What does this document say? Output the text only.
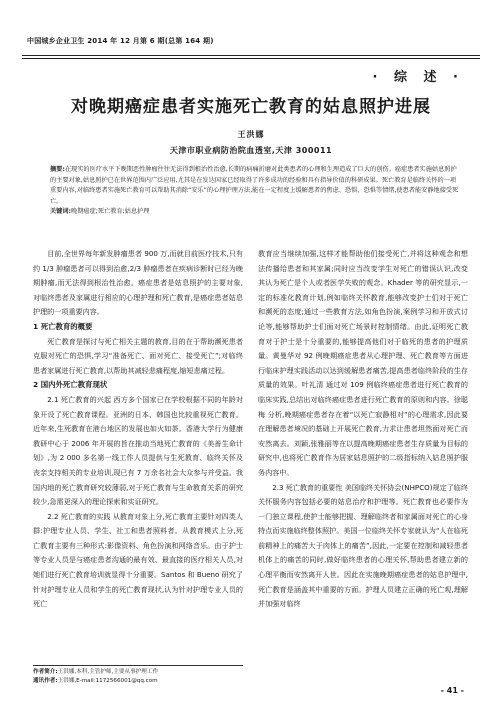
中国城乡企业卫生 2014 年 12 月第 6 期(总第 164 期)
· 综 述 ·
对晚期癌症患者实施死亡教育的姑息照护进展
王洪娜
天津市职业病防治院血透室,天津 300011
摘要:在现实的医疗水平下晚期恶性肿瘤往往无法得到根治性治愈,长期的病痛折磨对此类患者的心理和生理造成了巨大的创伤。癌症患者实施姑息照护的主要对象,姑息照护已在世界范围内广泛应用,尤其是在发达国家已经取得了许多成功的经验和具有指导价值的科研成果。死亡教育是临终关怀的一项重要内容,对临终患者实施死亡教育可以帮助其消除“安乐”的心理护理方法,能在一定程度上缓解患者的焦虑、恐惧、恐惧等情绪,使患者能安静地接受死亡。
关键词:晚期癌症;死亡教育;姑息护理

目前,全世界每年新发肿瘤患者 900 万,而就目前医疗技术,只有约 1/3 肿瘤患者可以得到治愈,2/3 肿瘤患者在疾病诊断时已经为晚期肿瘤,而无法得到根治性治愈。癌症患者是姑息照护的主要对象,对临终患者及家属进行相应的心理护理和死亡教育,是癌症患者姑息护理的一项重要内容。

1 死亡教育的概要

死亡教育是探讨与死亡相关主题的教育,目的在于帮助濒死患者克服对死亡的恐惧,学习“准备死亡、面对死亡、接受死亡”;对临终患者家属进行死亡教育,以帮助其减轻悲痛程度,缩短悲痛过程。

2 国内外死亡教育现状

2.1 死亡教育的兴起 西方多个国家已在学校根据不同的年龄对象开设了死亡教育课程。亚洲的日本、韩国也比较重视死亡教育。近年来,生死教育在港台地区的发展也如火如荼。香港大学行为健康教研中心于 2006 年开展的旨在推动当地死亡教育的《美善生命计划》,为 2 000 多名第一线工作人员提供与生死教育、临终关怀及丧亲支持相关的专业培训,现已有 7 万余名社会大众参与并受益。我国内地的死亡教育研究较薄弱,对于死亡教育与生命教育关系的研究较少,急需更深入的理论探索和实证研究。

2.2 死亡教育的实践 从教育对象上分,死亡教育主要针对四类人群:护理专业人员、学生、社工和患者照料者。从教育模式上分,死亡教育主要有三种形式:影像资料、角色扮演和网络音乐。由于护士等专业人员是与癌症患者沟通的最有效、最直接的医疗相关人员,对她们进行死亡教育培训就显得十分重要。Santos 和 Bueno 研究了针对护理专业人员和学生的死亡教育现状,认为针对护理专业人员的死亡

教育应当继续加强,这样才能帮助他们接受死亡,并将这种观念和想法传播给患者和其家属;同时应当改变学生对死亡的错误认识,改变其认为死亡是个人或者医学失败的观念。Khader 等的研究显示,一定的标准化教育计划,例如临终关怀教育,能够改变护士们对于死亡和濒死的态度;通过一些教育方法,如角色扮演,案例学习和开放式讨论等,能够帮助护士们面对死亡场景时控制情绪。由此,证明死亡教育对于护士是十分重要的,能够提高他们对于临死的患者的护理质量。黄曼华对 92 例晚期癌症患者从心理护理、死亡教育等方面进行临床护理实践活动以达到缓解患者痛苦,提高患者临终阶段的生存质量的效果。叶礼清 通过对 109 例临终癌症患者进行死亡教育的临床实践,总结出对临终癌症患者进行死亡教育的原则和内容。徐聪梅 分析,晚期癌症患者存在着“以死亡寂静相对”的心理需求,因此要在理解患者境况的基础上开展死亡教育,力求让患者坦然面对死亡而安然离去。刘颖,张雅丽等在以提高晚期癌症患者生存质量为目标的研究中,也将死亡教育作为居家姑息照护的二级指标纳入姑息照护服务内容中。

2.3 死亡教育的重要性 美国临终关怀协会(NHPCO)规定了临终关怀服务内容包括必要的姑息治疗和护理等。死亡教育也必要作为一门独立课程,使护士能够把握、理解临终者和家属面对死亡的心身特点而实施临终整体照护。美国一位临终关怀专家就认为“人在临死前精神上的痛苦大于肉体上的痛苦”,因此,一定要在控制和减轻患者机体上的痛苦的同时,做好临终患者的心理关怀,帮助患者建立新的心理平衡而安然离开人世。因此在实施晚期癌症患者的姑息护理中,死亡教育是涵盖其中重要的方面。护理人员建立正确的死亡观,理解并加强对临终

作者简介:王洪娜,本科,主管护师,主要从事护理工作
通讯作者:王洪娜,E-mail:1172566001@qq.com
- 41 -
